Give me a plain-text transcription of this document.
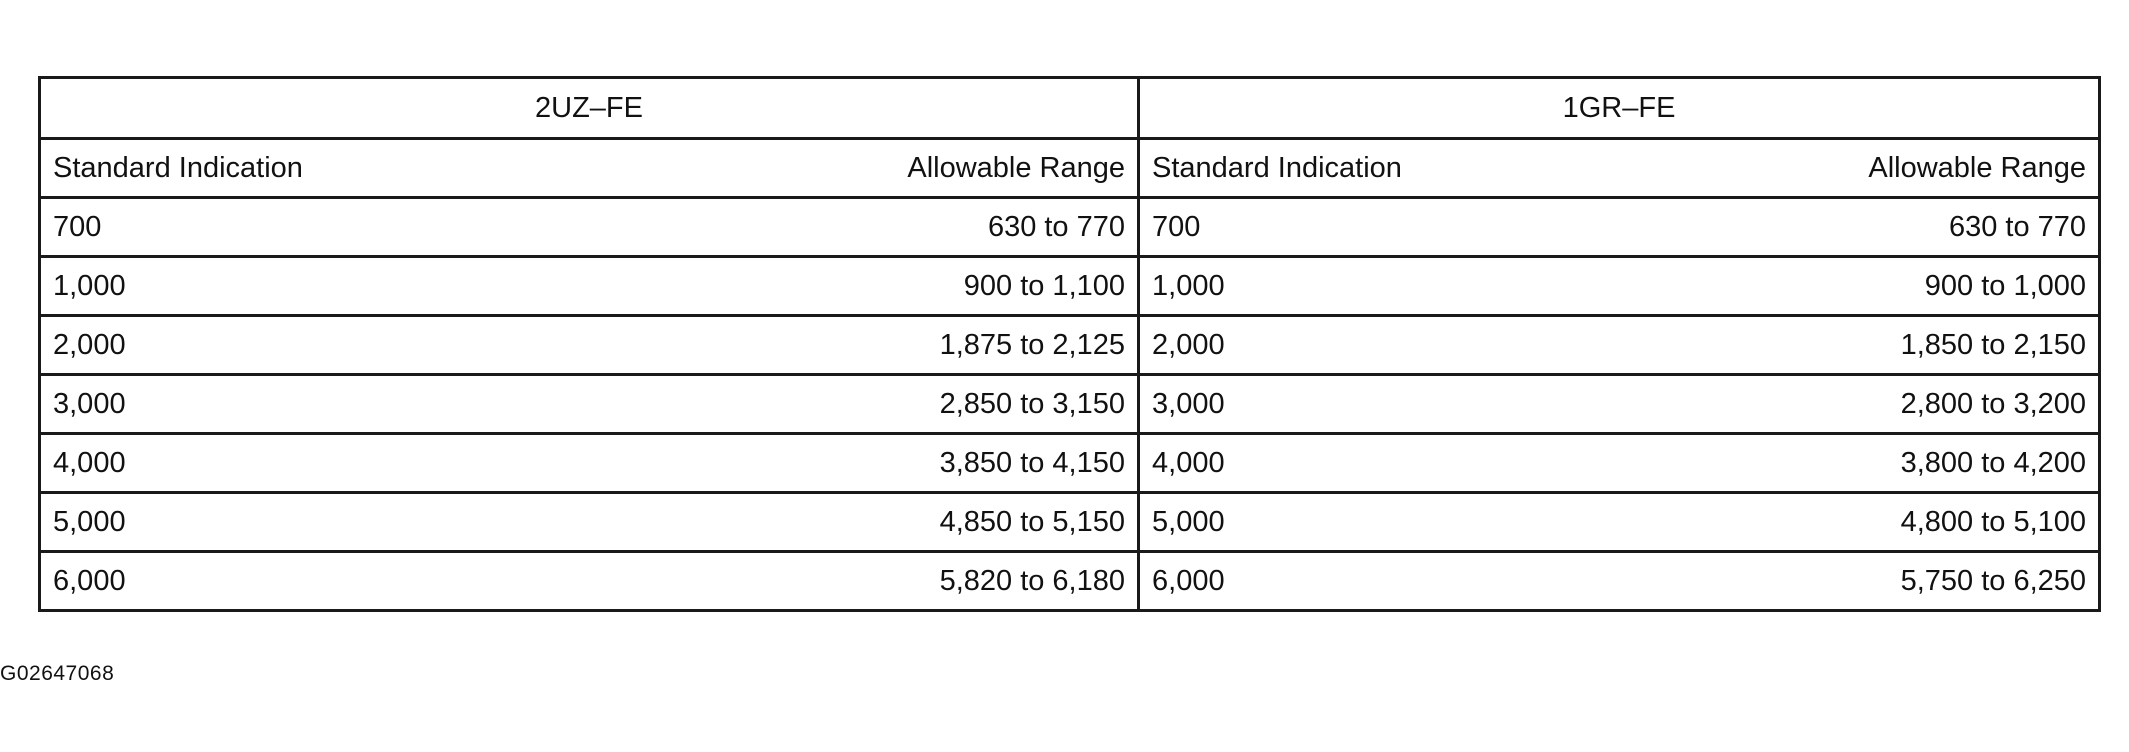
2UZ–FE		1GR–FE	
Standard Indication	Allowable Range	Standard Indication	Allowable Range
700	630 to 770	700	630 to 770
1,000	900 to 1,100	1,000	900 to 1,000
2,000	1,875 to 2,125	2,000	1,850 to 2,150
3,000	2,850 to 3,150	3,000	2,800 to 3,200
4,000	3,850 to 4,150	4,000	3,800 to 4,200
5,000	4,850 to 5,150	5,000	4,800 to 5,100
6,000	5,820 to 6,180	6,000	5,750 to 6,250
G02647068
